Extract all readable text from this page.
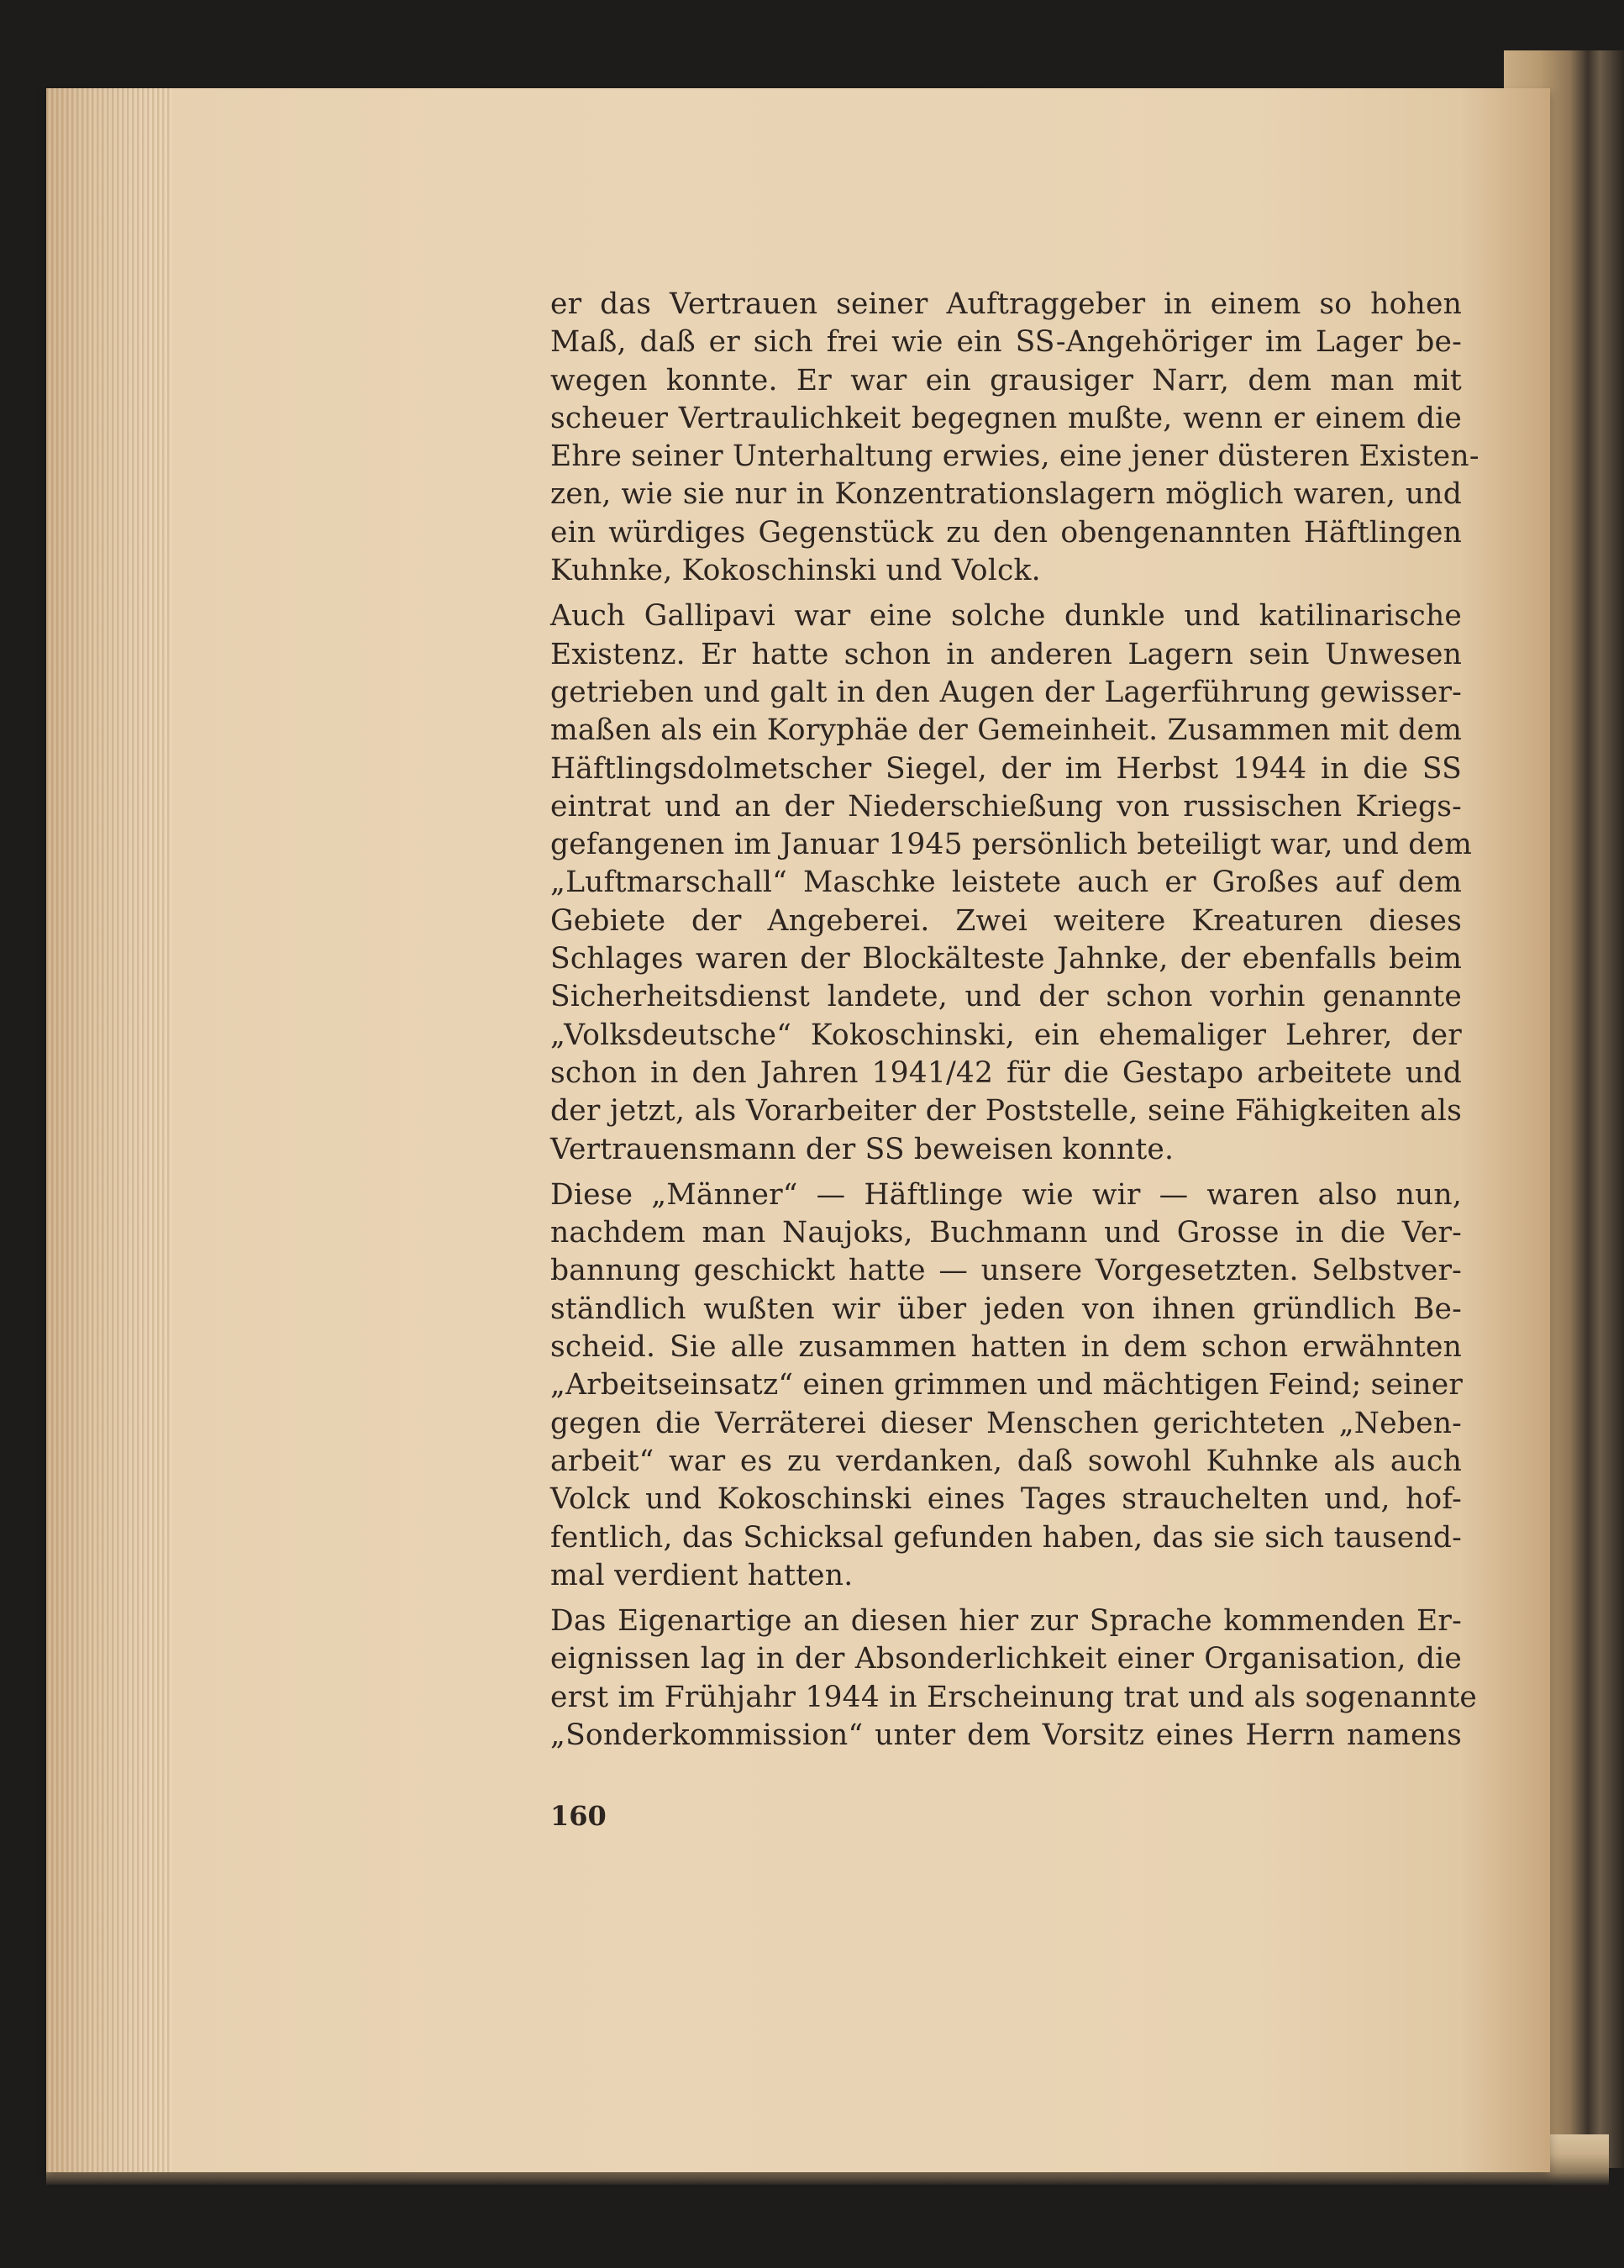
er das Vertrauen seiner Auftraggeber in einem so hohen
Maß, daß er sich frei wie ein SS-Angehöriger im Lager be-
wegen konnte. Er war ein grausiger Narr, dem man mit
scheuer Vertraulichkeit begegnen mußte, wenn er einem die
Ehre seiner Unterhaltung erwies, eine jener düsteren Existen-
zen, wie sie nur in Konzentrationslagern möglich waren, und
ein würdiges Gegenstück zu den obengenannten Häftlingen
Kuhnke, Kokoschinski und Volck.
Auch Gallipavi war eine solche dunkle und katilinarische
Existenz. Er hatte schon in anderen Lagern sein Unwesen
getrieben und galt in den Augen der Lagerführung gewisser-
maßen als ein Koryphäe der Gemeinheit. Zusammen mit dem
Häftlingsdolmetscher Siegel, der im Herbst 1944 in die SS
eintrat und an der Niederschießung von russischen Kriegs-
gefangenen im Januar 1945 persönlich beteiligt war, und dem
„Luftmarschall“ Maschke leistete auch er Großes auf dem
Gebiete der Angeberei. Zwei weitere Kreaturen dieses
Schlages waren der Blockälteste Jahnke, der ebenfalls beim
Sicherheitsdienst landete, und der schon vorhin genannte
„Volksdeutsche“ Kokoschinski, ein ehemaliger Lehrer, der
schon in den Jahren 1941/42 für die Gestapo arbeitete und
der jetzt, als Vorarbeiter der Poststelle, seine Fähigkeiten als
Vertrauensmann der SS beweisen konnte.
Diese „Männer“ — Häftlinge wie wir — waren also nun,
nachdem man Naujoks, Buchmann und Grosse in die Ver-
bannung geschickt hatte — unsere Vorgesetzten. Selbstver-
ständlich wußten wir über jeden von ihnen gründlich Be-
scheid. Sie alle zusammen hatten in dem schon erwähnten
„Arbeitseinsatz“ einen grimmen und mächtigen Feind; seiner
gegen die Verräterei dieser Menschen gerichteten „Neben-
arbeit“ war es zu verdanken, daß sowohl Kuhnke als auch
Volck und Kokoschinski eines Tages strauchelten und, hof-
fentlich, das Schicksal gefunden haben, das sie sich tausend-
mal verdient hatten.
Das Eigenartige an diesen hier zur Sprache kommenden Er-
eignissen lag in der Absonderlichkeit einer Organisation, die
erst im Frühjahr 1944 in Erscheinung trat und als sogenannte
„Sonderkommission“ unter dem Vorsitz eines Herrn namens
160
